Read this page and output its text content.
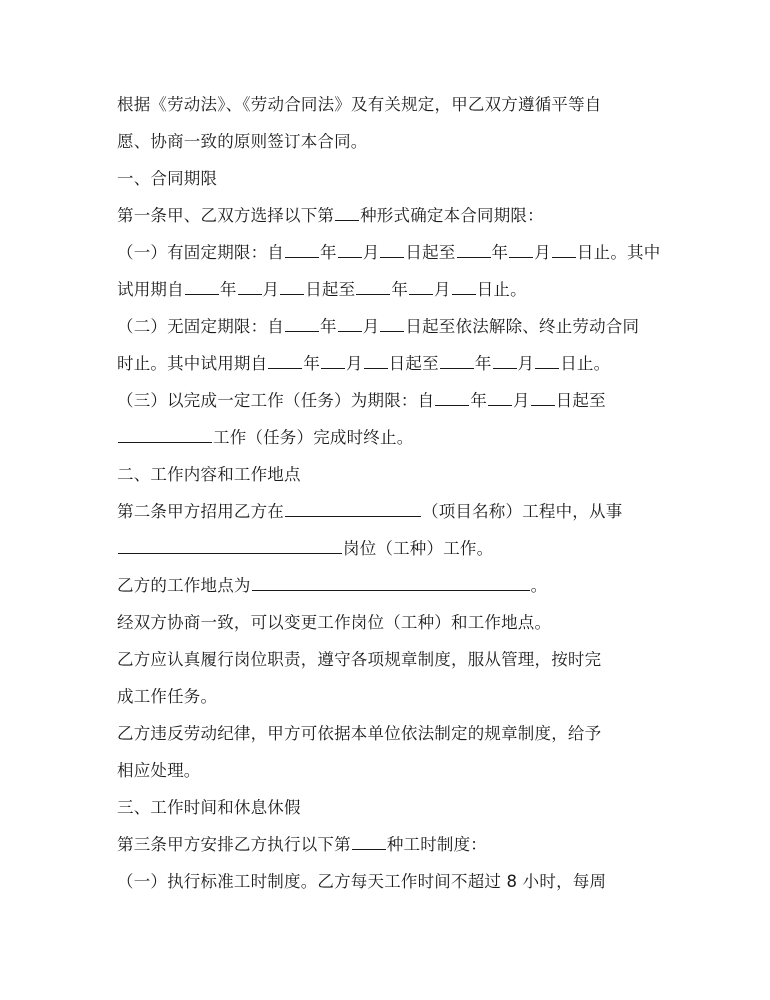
根据《劳动法》、《劳动合同法》及有关规定，甲乙双方遵循平等自
愿、协商一致的原则签订本合同。
一、合同期限
第一条甲、乙双方选择以下第 种形式确定本合同期限：
（一）有固定期限：自 年 月 日起至 年 月 日止。其中
试用期自 年 月 日起至 年 月 日止。
（二）无固定期限：自 年 月 日起至依法解除、终止劳动合同
时止。其中试用期自 年 月 日起至 年 月 日止。
（三）以完成一定工作（任务）为期限：自 年 月 日起至
工作（任务）完成时终止。
二、工作内容和工作地点
第二条甲方招用乙方在	（项目名称）工程中，从事
岗位（工种）工作。
乙方的工作地点为	。
经双方协商一致，可以变更工作岗位（工种）和工作地点。
乙方应认真履行岗位职责，遵守各项规章制度，服从管理，按时完
成工作任务。
乙方违反劳动纪律，甲方可依据本单位依法制定的规章制度，给予
相应处理。
三、工作时间和休息休假
第三条甲方安排乙方执行以下第 种工时制度：
（一）执行标准工时制度。乙方每天工作时间不超过 8 小时，每周
